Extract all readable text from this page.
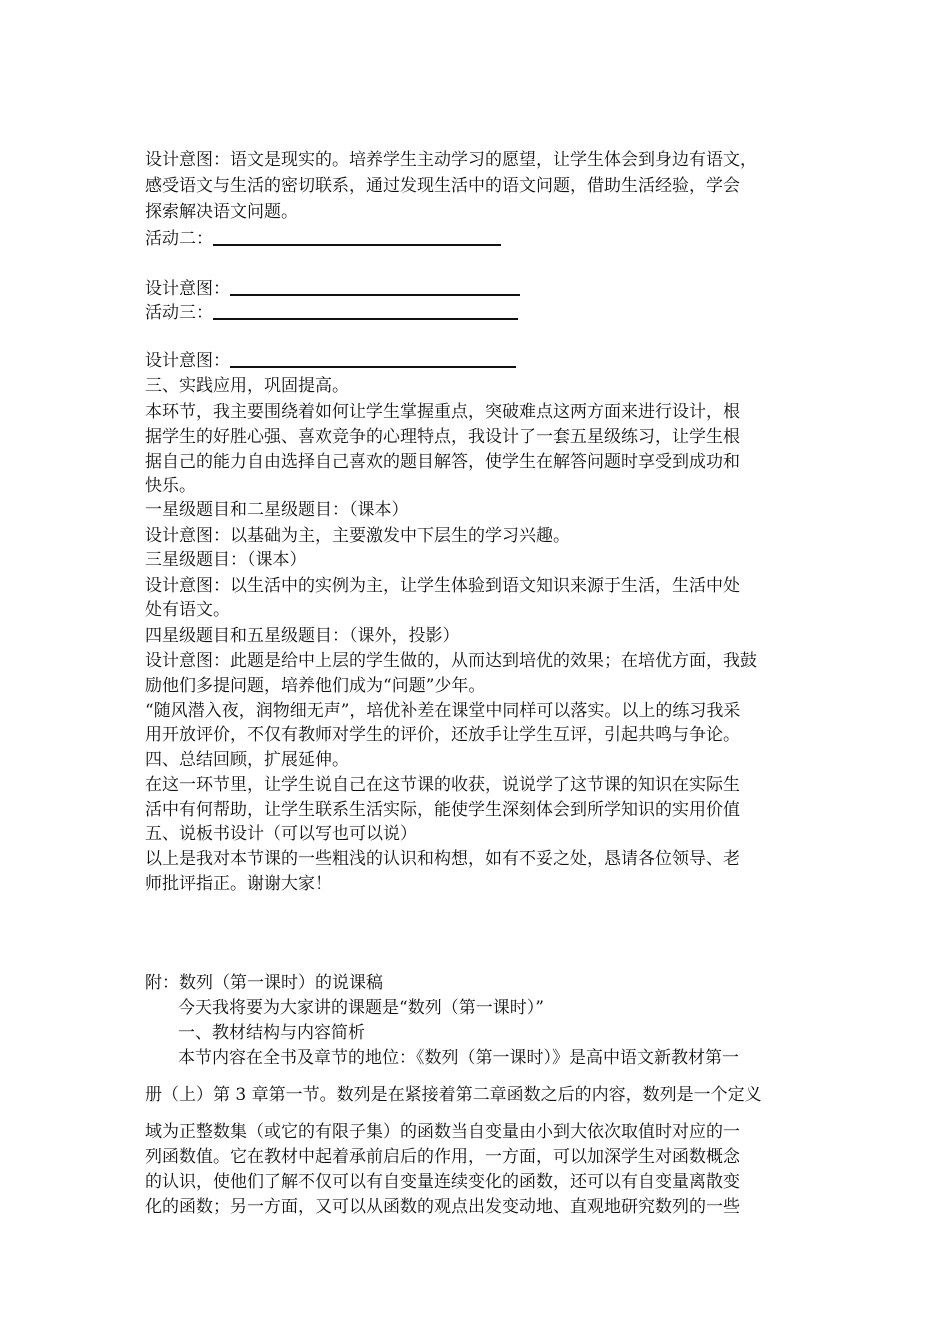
设计意图：语文是现实的。培养学生主动学习的愿望，让学生体会到身边有语文，
感受语文与生活的密切联系，通过发现生活中的语文问题，借助生活经验，学会
探索解决语文问题。
活动二：
设计意图：
活动三：
设计意图：
三、实践应用，巩固提高。
本环节，我主要围绕着如何让学生掌握重点，突破难点这两方面来进行设计，根
据学生的好胜心强、喜欢竞争的心理特点，我设计了一套五星级练习，让学生根
据自己的能力自由选择自己喜欢的题目解答，使学生在解答问题时享受到成功和
快乐。
一星级题目和二星级题目：（课本）
设计意图：以基础为主，主要激发中下层生的学习兴趣。
三星级题目：（课本）
设计意图：以生活中的实例为主，让学生体验到语文知识来源于生活，生活中处
处有语文。
四星级题目和五星级题目：（课外，投影）
设计意图：此题是给中上层的学生做的，从而达到培优的效果；在培优方面，我鼓
励他们多提问题，培养他们成为“问题”少年。
“随风潜入夜，润物细无声”，培优补差在课堂中同样可以落实。以上的练习我采
用开放评价，不仅有教师对学生的评价，还放手让学生互评，引起共鸣与争论。
四、总结回顾，扩展延伸。
在这一环节里，让学生说自己在这节课的收获，说说学了这节课的知识在实际生
活中有何帮助，让学生联系生活实际，能使学生深刻体会到所学知识的实用价值
五、说板书设计（可以写也可以说）
以上是我对本节课的一些粗浅的认识和构想，如有不妥之处，恳请各位领导、老
师批评指正。谢谢大家！
附：数列（第一课时）的说课稿
今天我将要为大家讲的课题是“数列（第一课时）”
一、教材结构与内容简析
本节内容在全书及章节的地位：《数列（第一课时）》是高中语文新教材第一
册（上）第 3 章第一节。数列是在紧接着第二章函数之后的内容，数列是一个定义
域为正整数集（或它的有限子集）的函数当自变量由小到大依次取值时对应的一
列函数值。它在教材中起着承前启后的作用，一方面，可以加深学生对函数概念
的认识，使他们了解不仅可以有自变量连续变化的函数，还可以有自变量离散变
化的函数；另一方面，又可以从函数的观点出发变动地、直观地研究数列的一些
